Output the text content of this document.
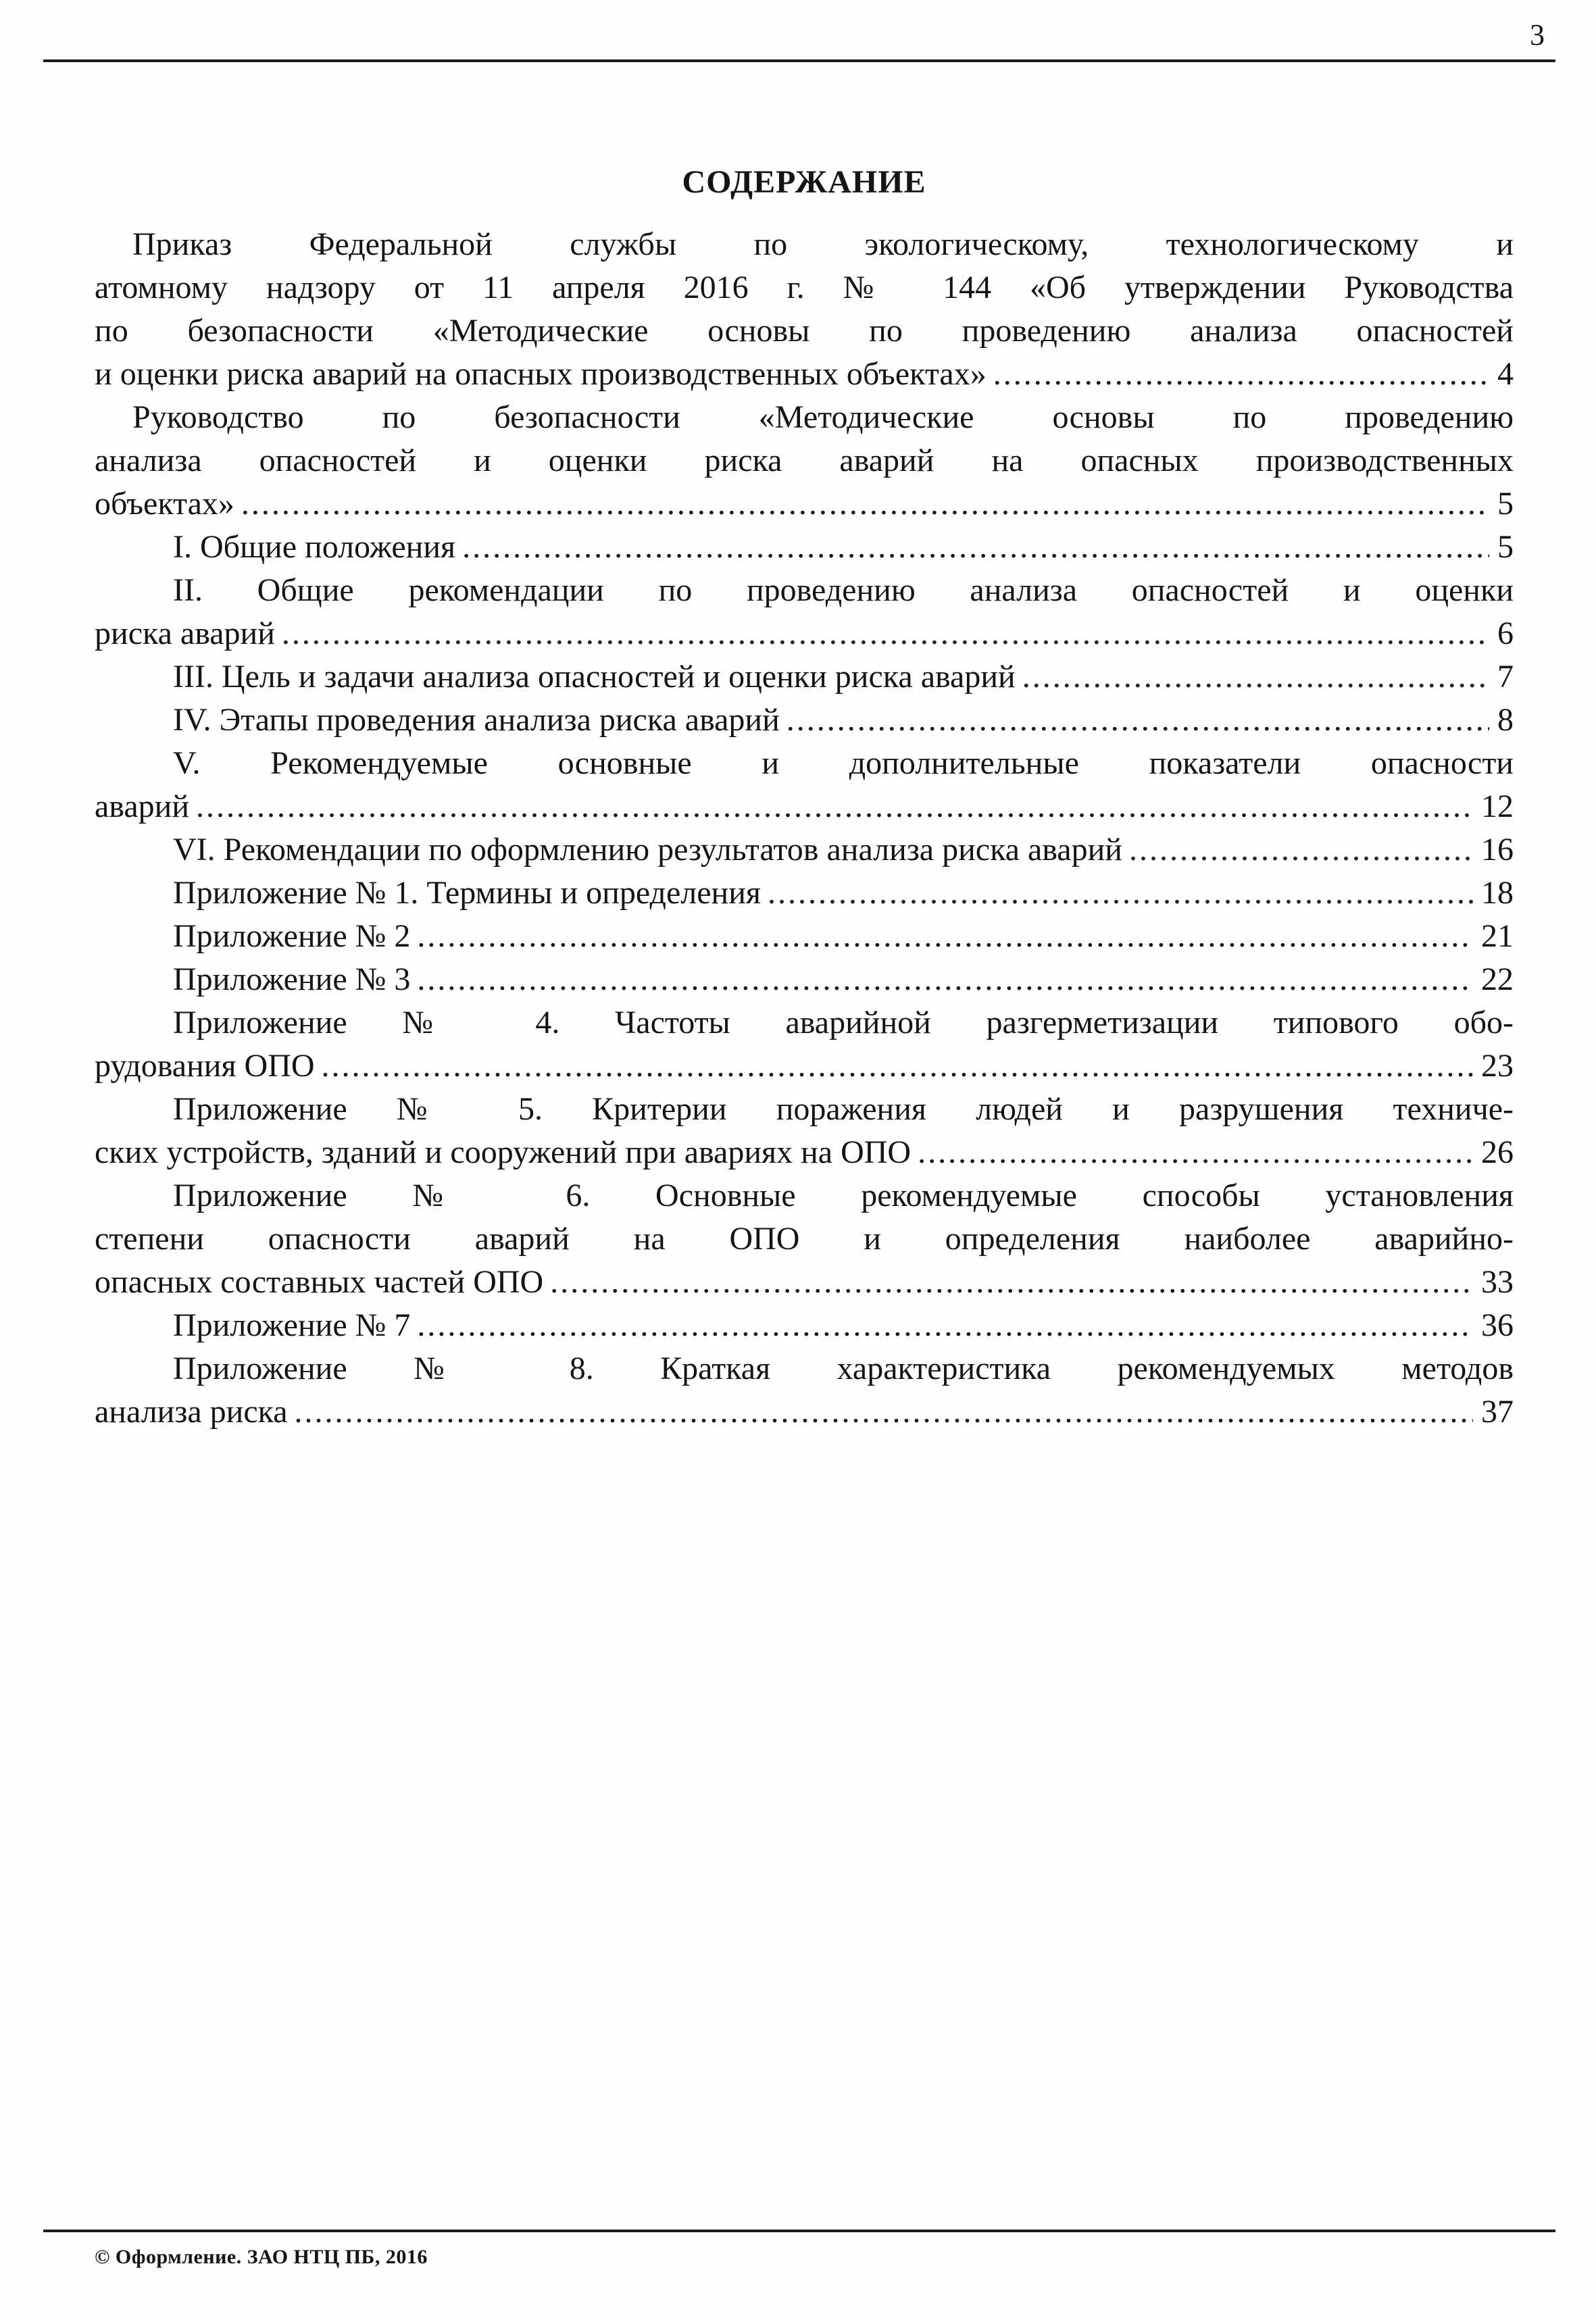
3
СОДЕРЖАНИЕ
Приказ Федеральной службы по экологическому, технологическому и
атомному надзору от 11 апреля 2016 г. № 144 «Об утверждении Руководства
по безопасности «Методические основы по проведению анализа опасностей
и оценки риска аварий на опасных производственных объектах» .....	4
Руководство по безопасности «Методические основы по проведению
анализа опасностей и оценки риска аварий на опасных производственных
объектах» .....	5
I. Общие положения .....	5
II. Общие рекомендации по проведению анализа опасностей и оценки
риска аварий .....	6
III. Цель и задачи анализа опасностей и оценки риска аварий .....	7
IV. Этапы проведения анализа риска аварий .....	8
V. Рекомендуемые основные и дополнительные показатели опасности
аварий .....	12
VI. Рекомендации по оформлению результатов анализа риска аварий .....	16
Приложение № 1. Термины и определения .....	18
Приложение № 2 .....	21
Приложение № 3 .....	22
Приложение № 4. Частоты аварийной разгерметизации типового обо-
рудования ОПО .....	23
Приложение № 5. Критерии поражения людей и разрушения техниче-
ских устройств, зданий и сооружений при авариях на ОПО .....	26
Приложение № 6. Основные рекомендуемые способы установления
степени опасности аварий на ОПО и определения наиболее аварийно-
опасных составных частей ОПО .....	33
Приложение № 7 .....	36
Приложение № 8. Краткая характеристика рекомендуемых методов
анализа риска .....	37
© Оформление. ЗАО НТЦ ПБ, 2016
